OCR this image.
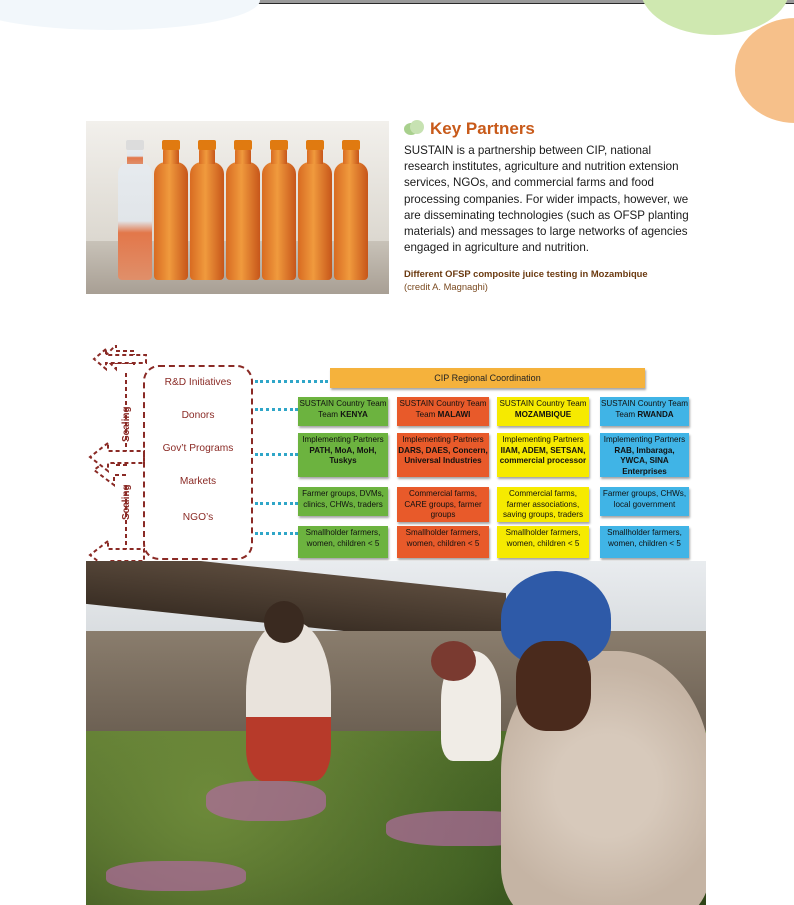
Key Partners
SUSTAIN is a partnership between CIP, national research institutes, agriculture and nutrition extension services, NGOs, and commercial farms and food processing companies. For wider impacts, however, we are disseminating technologies (such as OFSP planting materials) and messages to large networks of agencies engaged in agriculture and nutrition.
Different OFSP composite juice testing in Mozambique
(credit A. Magnaghi)
Scaling
Scaling
R&D Initiatives
Donors
Gov’t Programs
Markets
NGO’s
CIP Regional Coordination
SUSTAIN Country Team
Team KENYA
Implementing Partners
PATH, MoA, MoH, Tuskys
Farmer groups, DVMs, clinics, CHWs, traders
Smallholder farmers, women, children < 5
SUSTAIN Country Team
Team MALAWI
Implementing Partners
DARS, DAES, Concern, Universal Industries
Commercial farms, CARE groups, farmer groups
Smallholder farmers, women, children < 5
SUSTAIN Country Team
MOZAMBIQUE
Implementing Partners
IIAM, ADEM, SETSAN, commercial processor
Commercial farms, farmer associations, saving groups, traders
Smallholder farmers, women, children < 5
SUSTAIN Country Team
Team RWANDA
Implementing Partners
RAB, Imbaraga, YWCA, SINA Enterprises
Farmer groups, CHWs, local government
Smallholder farmers, women, children < 5
